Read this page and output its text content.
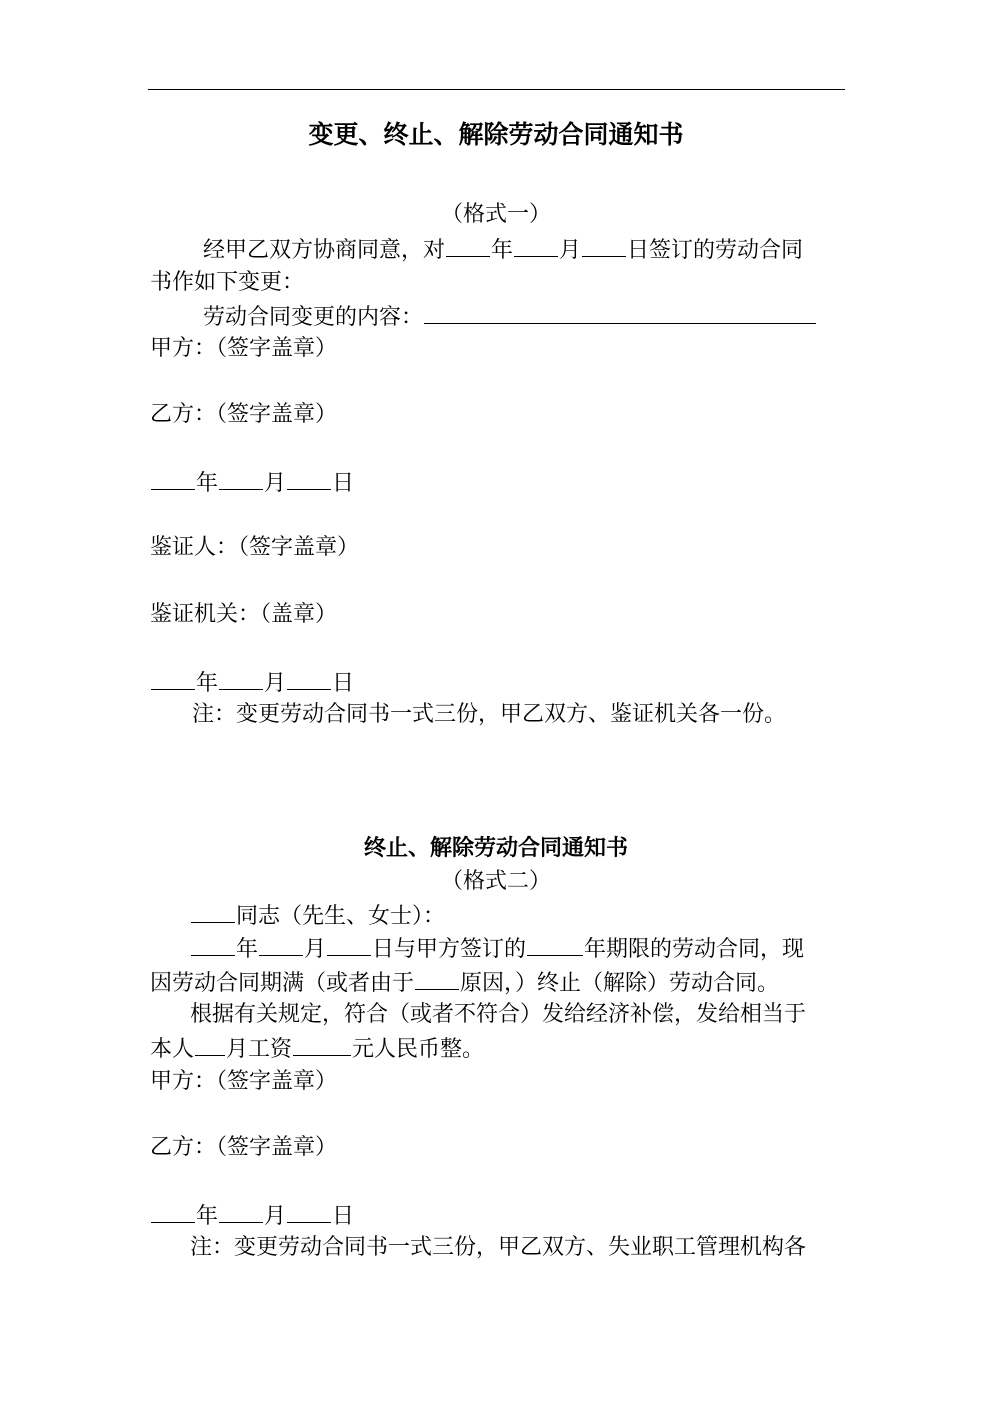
变更、终止、解除劳动合同通知书
（格式一）
经甲乙双方协商同意，对 年 月 日签订的劳动合同
书作如下变更：
劳动合同变更的内容：
甲方：（签字盖章）
乙方：（签字盖章）
年 月 日
鉴证人：（签字盖章）
鉴证机关：（盖章）
年 月 日
注：变更劳动合同书一式三份，甲乙双方、鉴证机关各一份。
终止、解除劳动合同通知书
（格式二）
同志（先生、女士）：
年 月 日与甲方签订的	年期限的劳动合同，现
因劳动合同期满（或者由于 原因，）终止（解除）劳动合同。
根据有关规定，符合（或者不符合）发给经济补偿，发给相当于
本人 月工资	元人民币整。
甲方：（签字盖章）
乙方：（签字盖章）
年 月 日
注：变更劳动合同书一式三份，甲乙双方、失业职工管理机构各
